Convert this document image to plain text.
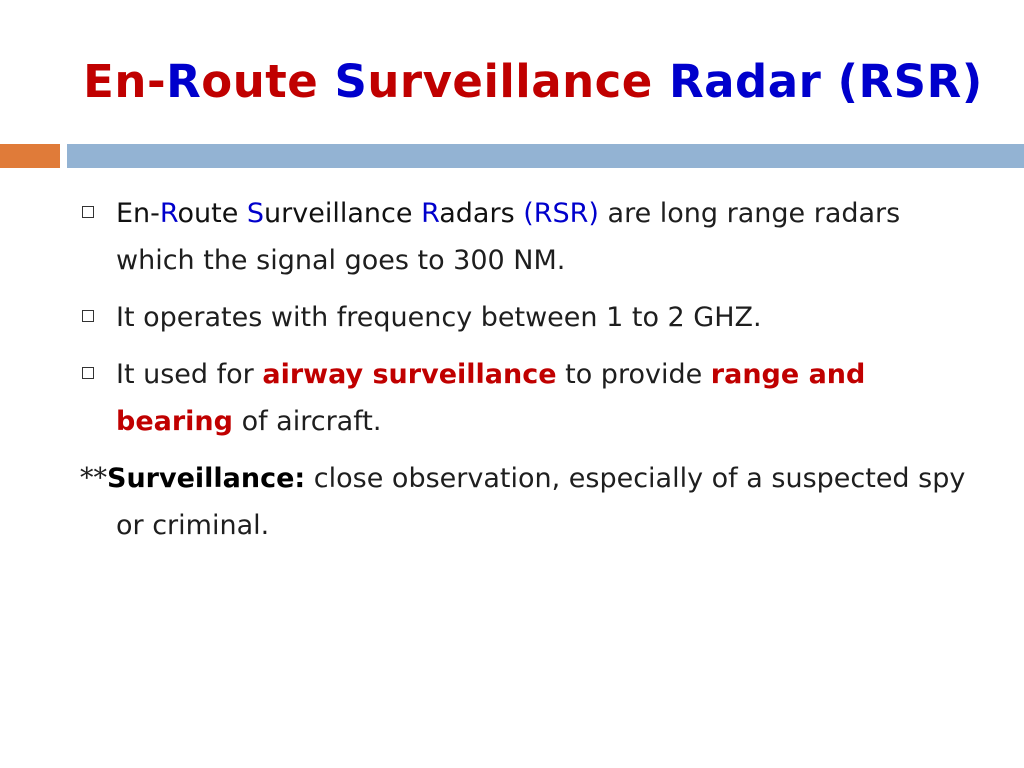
En-Route Surveillance Radar (RSR)
En-Route Surveillance Radars (RSR) are long range radars which the signal goes to 300 NM.
It operates with frequency between 1 to 2 GHZ.
It used for airway surveillance to provide range and bearing of aircraft.
**Surveillance: close observation, especially of a suspected spy or criminal.
